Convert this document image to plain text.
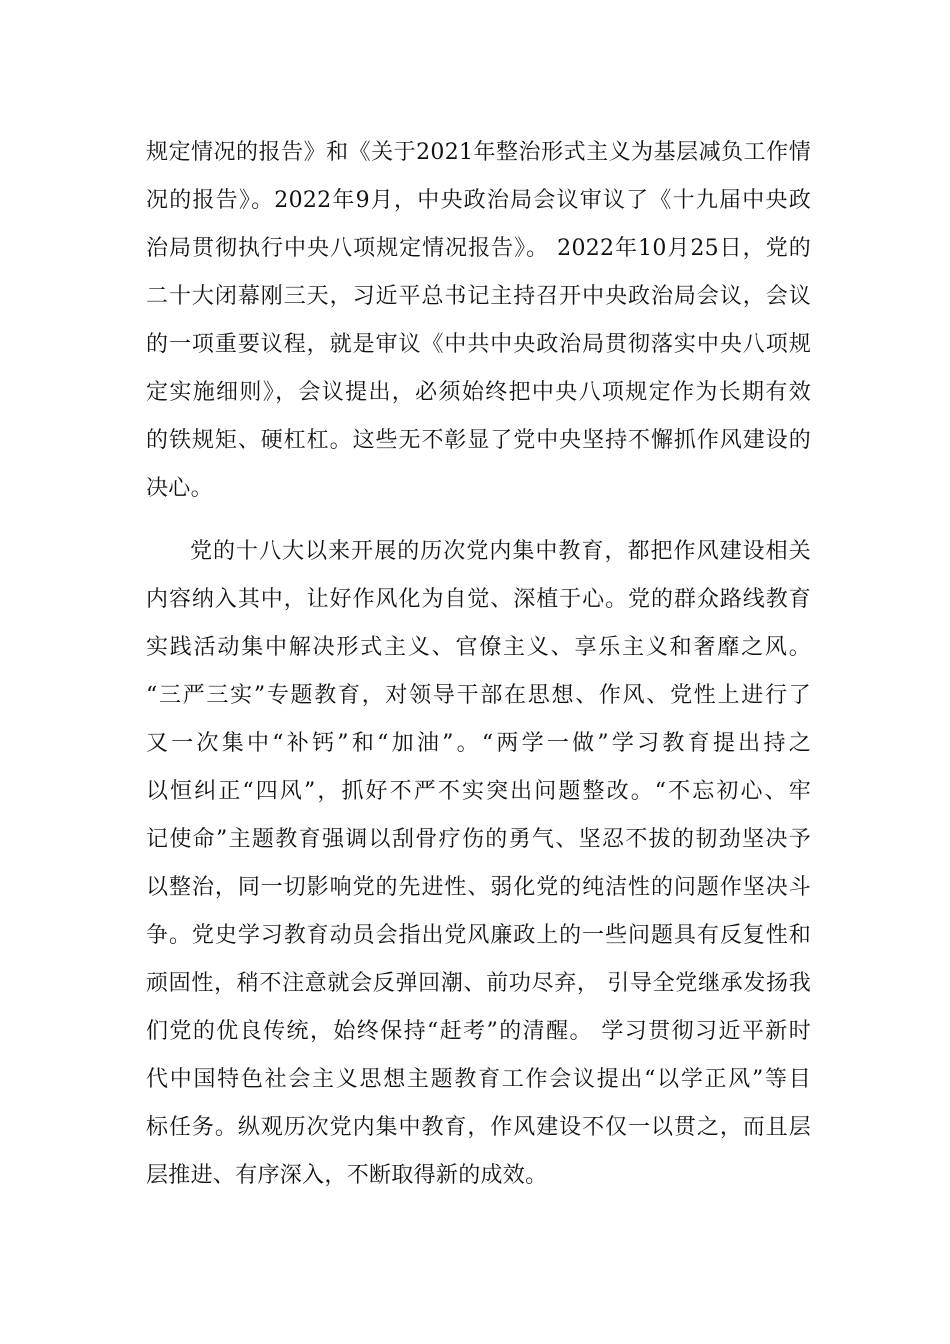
规定情况的报告》和《关于2021年整治形式主义为基层减负工作情
况的报告》。2022年9月，中央政治局会议审议了《十九届中央政
治局贯彻执行中央八项规定情况报告》。 2022年10月25日，党的
二十大闭幕刚三天，习近平总书记主持召开中央政治局会议，会议
的一项重要议程，就是审议《中共中央政治局贯彻落实中央八项规
定实施细则》，会议提出，必须始终把中央八项规定作为长期有效
的铁规矩、硬杠杠。这些无不彰显了党中央坚持不懈抓作风建设的
决心。
党的十八大以来开展的历次党内集中教育，都把作风建设相关
内容纳入其中，让好作风化为自觉、深植于心。党的群众路线教育
实践活动集中解决形式主义、官僚主义、享乐主义和奢靡之风。
“三严三实”专题教育，对领导干部在思想、作风、党性上进行了
又一次集中“补钙”和“加油”。“两学一做”学习教育提出持之
以恒纠正“四风”，抓好不严不实突出问题整改。“不忘初心、牢
记使命”主题教育强调以刮骨疗伤的勇气、坚忍不拔的韧劲坚决予
以整治，同一切影响党的先进性、弱化党的纯洁性的问题作坚决斗
争。党史学习教育动员会指出党风廉政上的一些问题具有反复性和
顽固性，稍不注意就会反弹回潮、前功尽弃， 引导全党继承发扬我
们党的优良传统，始终保持“赶考”的清醒。 学习贯彻习近平新时
代中国特色社会主义思想主题教育工作会议提出“以学正风”等目
标任务。纵观历次党内集中教育，作风建设不仅一以贯之，而且层
层推进、有序深入，不断取得新的成效。
